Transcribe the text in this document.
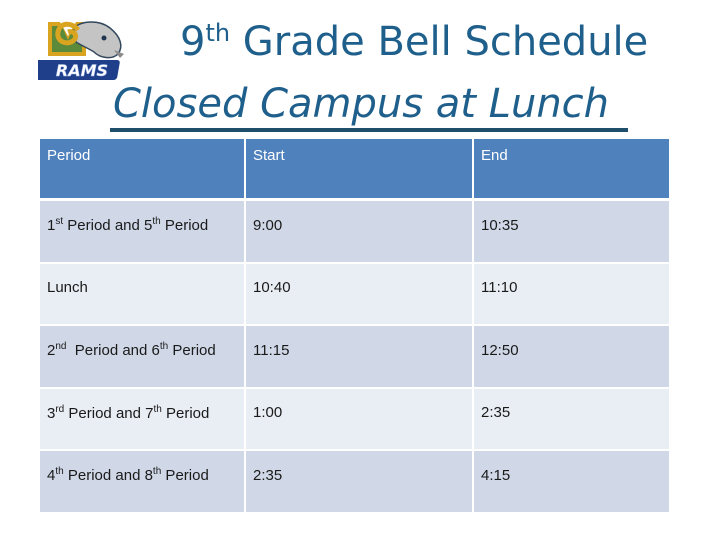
RAMS
9th Grade Bell Schedule
Closed Campus at Lunch
Period	Start	End
1st Period and 5th Period	9:00	10:35
Lunch	10:40	11:10
2nd  Period and 6th Period	11:15	12:50
3rd Period and 7th Period	1:00	2:35
4th Period and 8th Period	2:35	4:15
